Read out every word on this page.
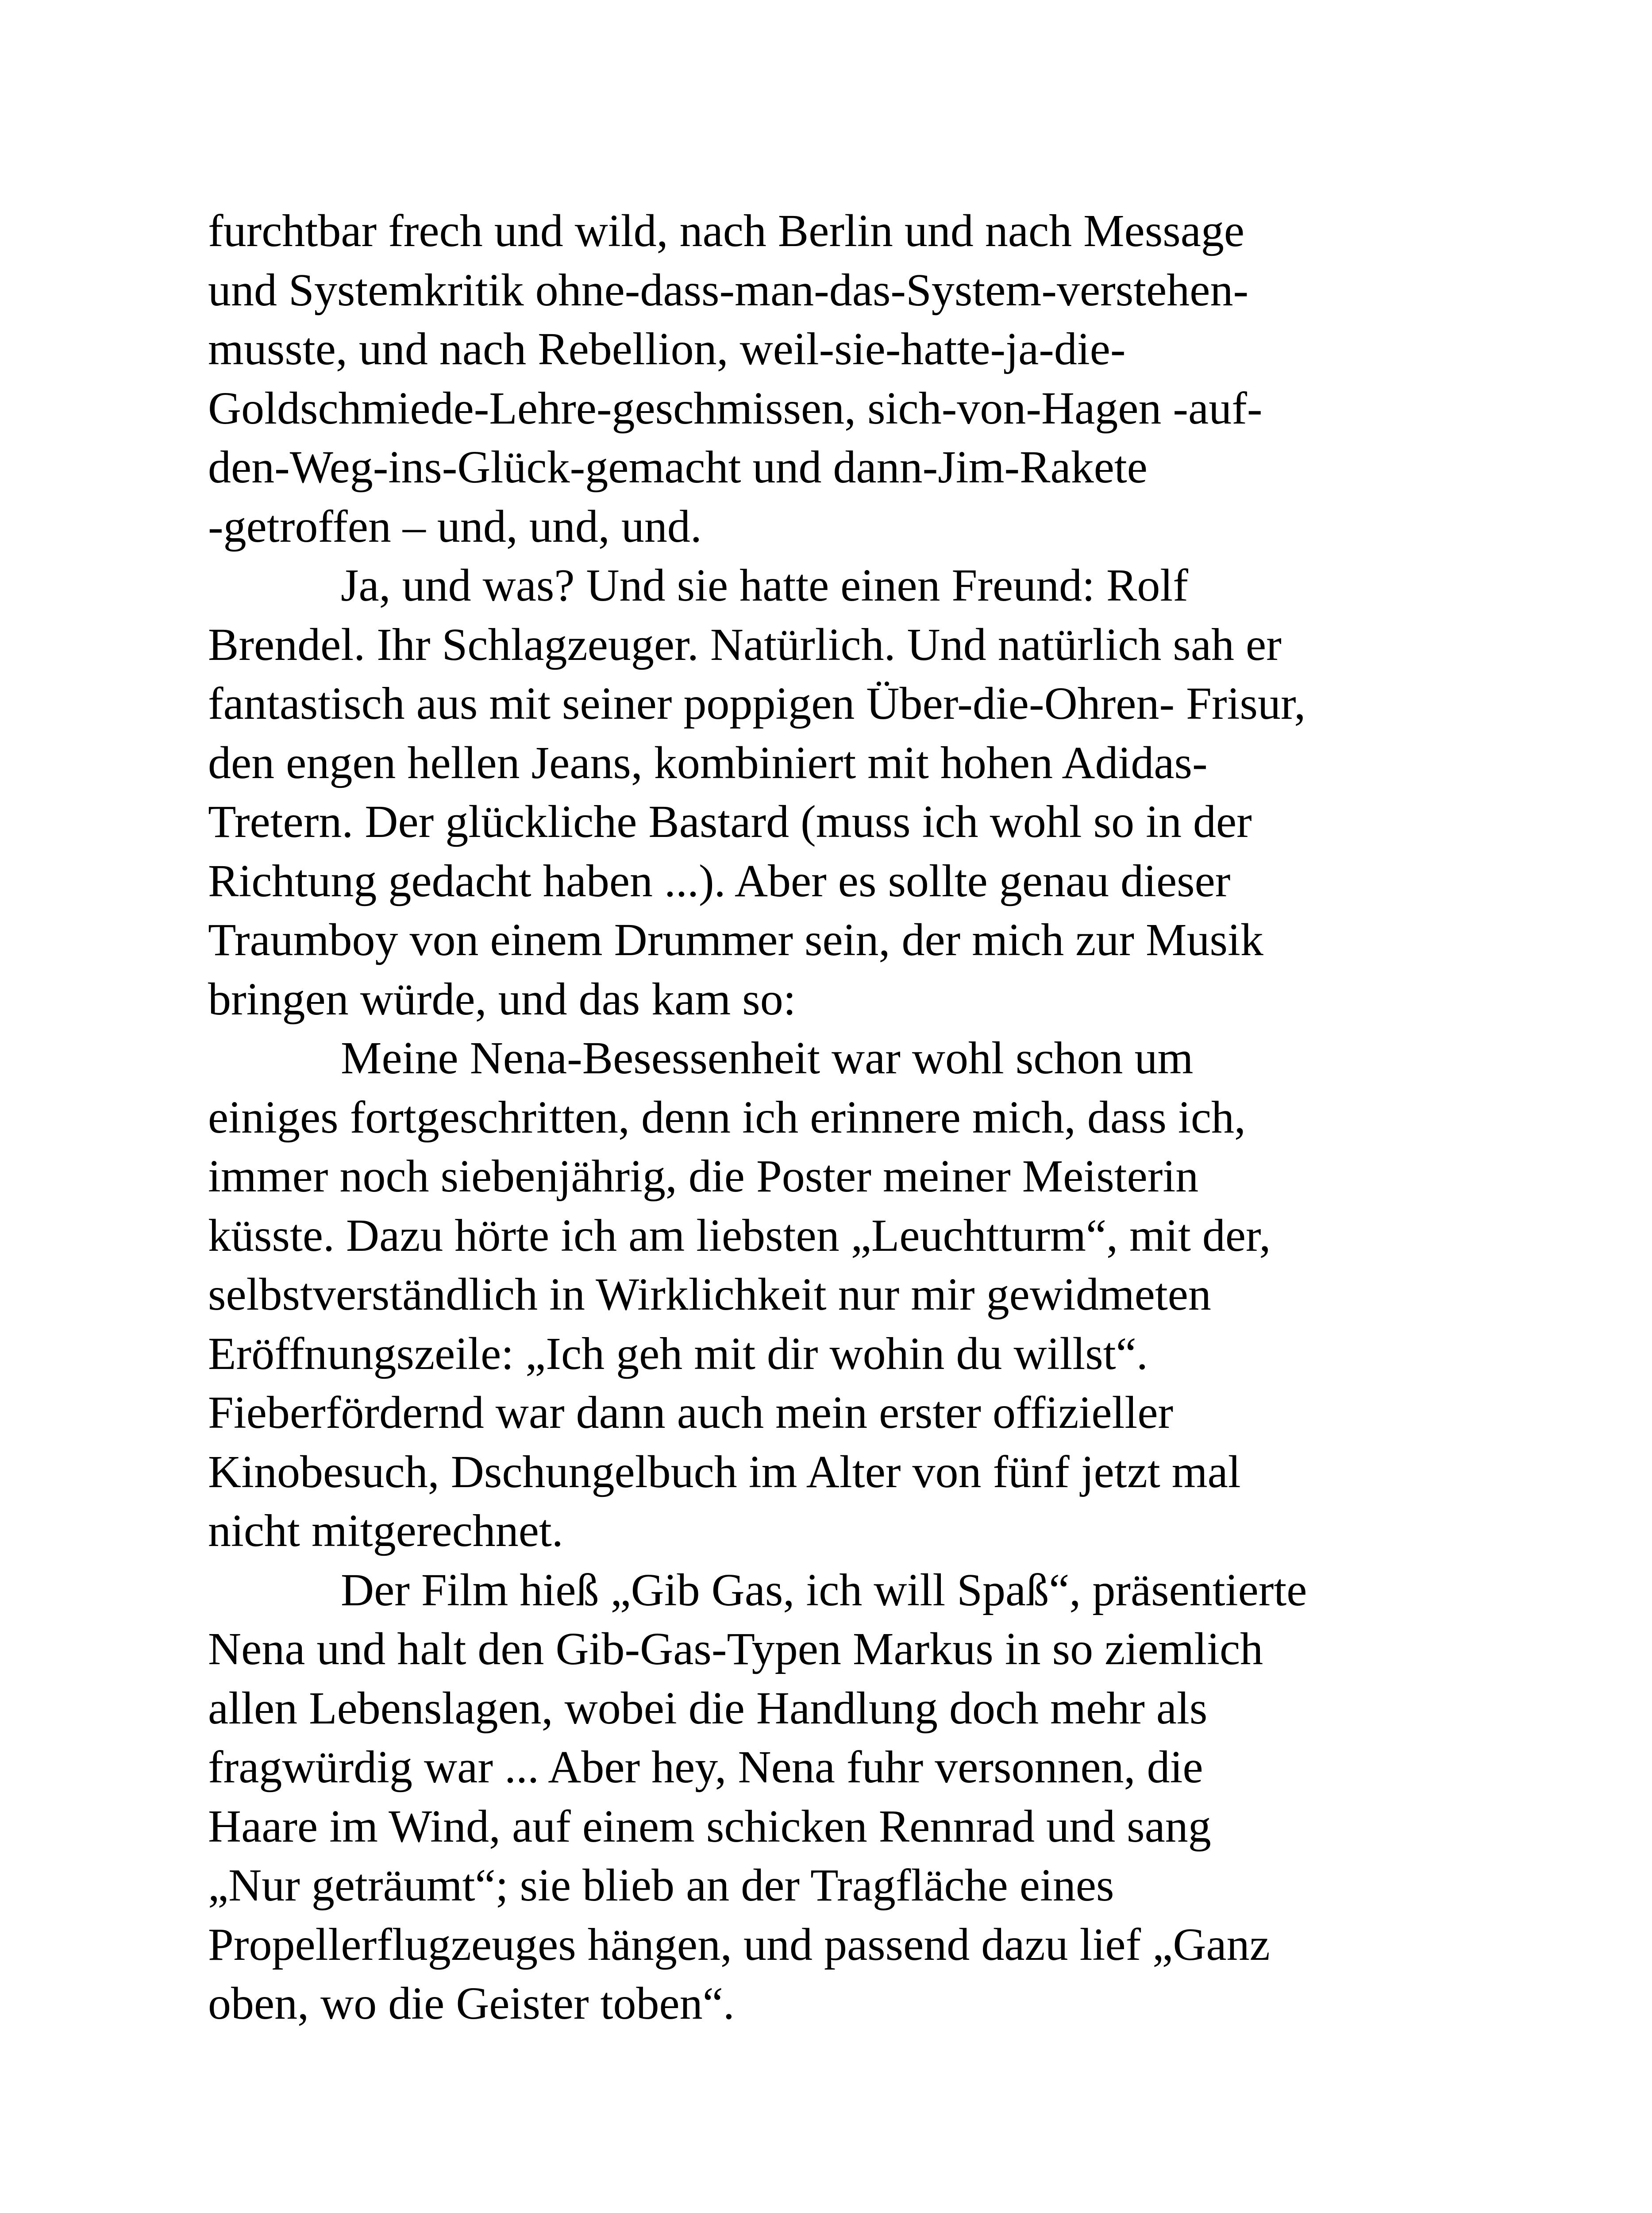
furchtbar frech und wild, nach Berlin und nach Message
und Systemkritik ohne-dass-man-das-System-verstehen-
musste, und nach Rebellion, weil-sie-hatte-ja-die-
Goldschmiede-Lehre-geschmissen, sich-von-Hagen -auf-
den-Weg-ins-Glück-gemacht und dann-Jim-Rakete
-getroffen – und, und, und.

Ja, und was? Und sie hatte einen Freund: Rolf
Brendel. Ihr Schlagzeuger. Natürlich. Und natürlich sah er
fantastisch aus mit seiner poppigen Über-die-Ohren- Frisur,
den engen hellen Jeans, kombiniert mit hohen Adidas-
Tretern. Der glückliche Bastard (muss ich wohl so in der
Richtung gedacht haben ...). Aber es sollte genau dieser
Traumboy von einem Drummer sein, der mich zur Musik
bringen würde, und das kam so:

Meine Nena-Besessenheit war wohl schon um
einiges fortgeschritten, denn ich erinnere mich, dass ich,
immer noch siebenjährig, die Poster meiner Meisterin
küsste. Dazu hörte ich am liebsten „Leuchtturm“, mit der,
selbstverständlich in Wirklichkeit nur mir gewidmeten
Eröffnungszeile: „Ich geh mit dir wohin du willst“.
Fieberfördernd war dann auch mein erster offizieller
Kinobesuch, Dschungelbuch im Alter von fünf jetzt mal
nicht mitgerechnet.

Der Film hieß „Gib Gas, ich will Spaß“, präsentierte
Nena und halt den Gib-Gas-Typen Markus in so ziemlich
allen Lebenslagen, wobei die Handlung doch mehr als
fragwürdig war ... Aber hey, Nena fuhr versonnen, die
Haare im Wind, auf einem schicken Rennrad und sang
„Nur geträumt“; sie blieb an der Tragfläche eines
Propellerflugzeuges hängen, und passend dazu lief „Ganz
oben, wo die Geister toben“.
